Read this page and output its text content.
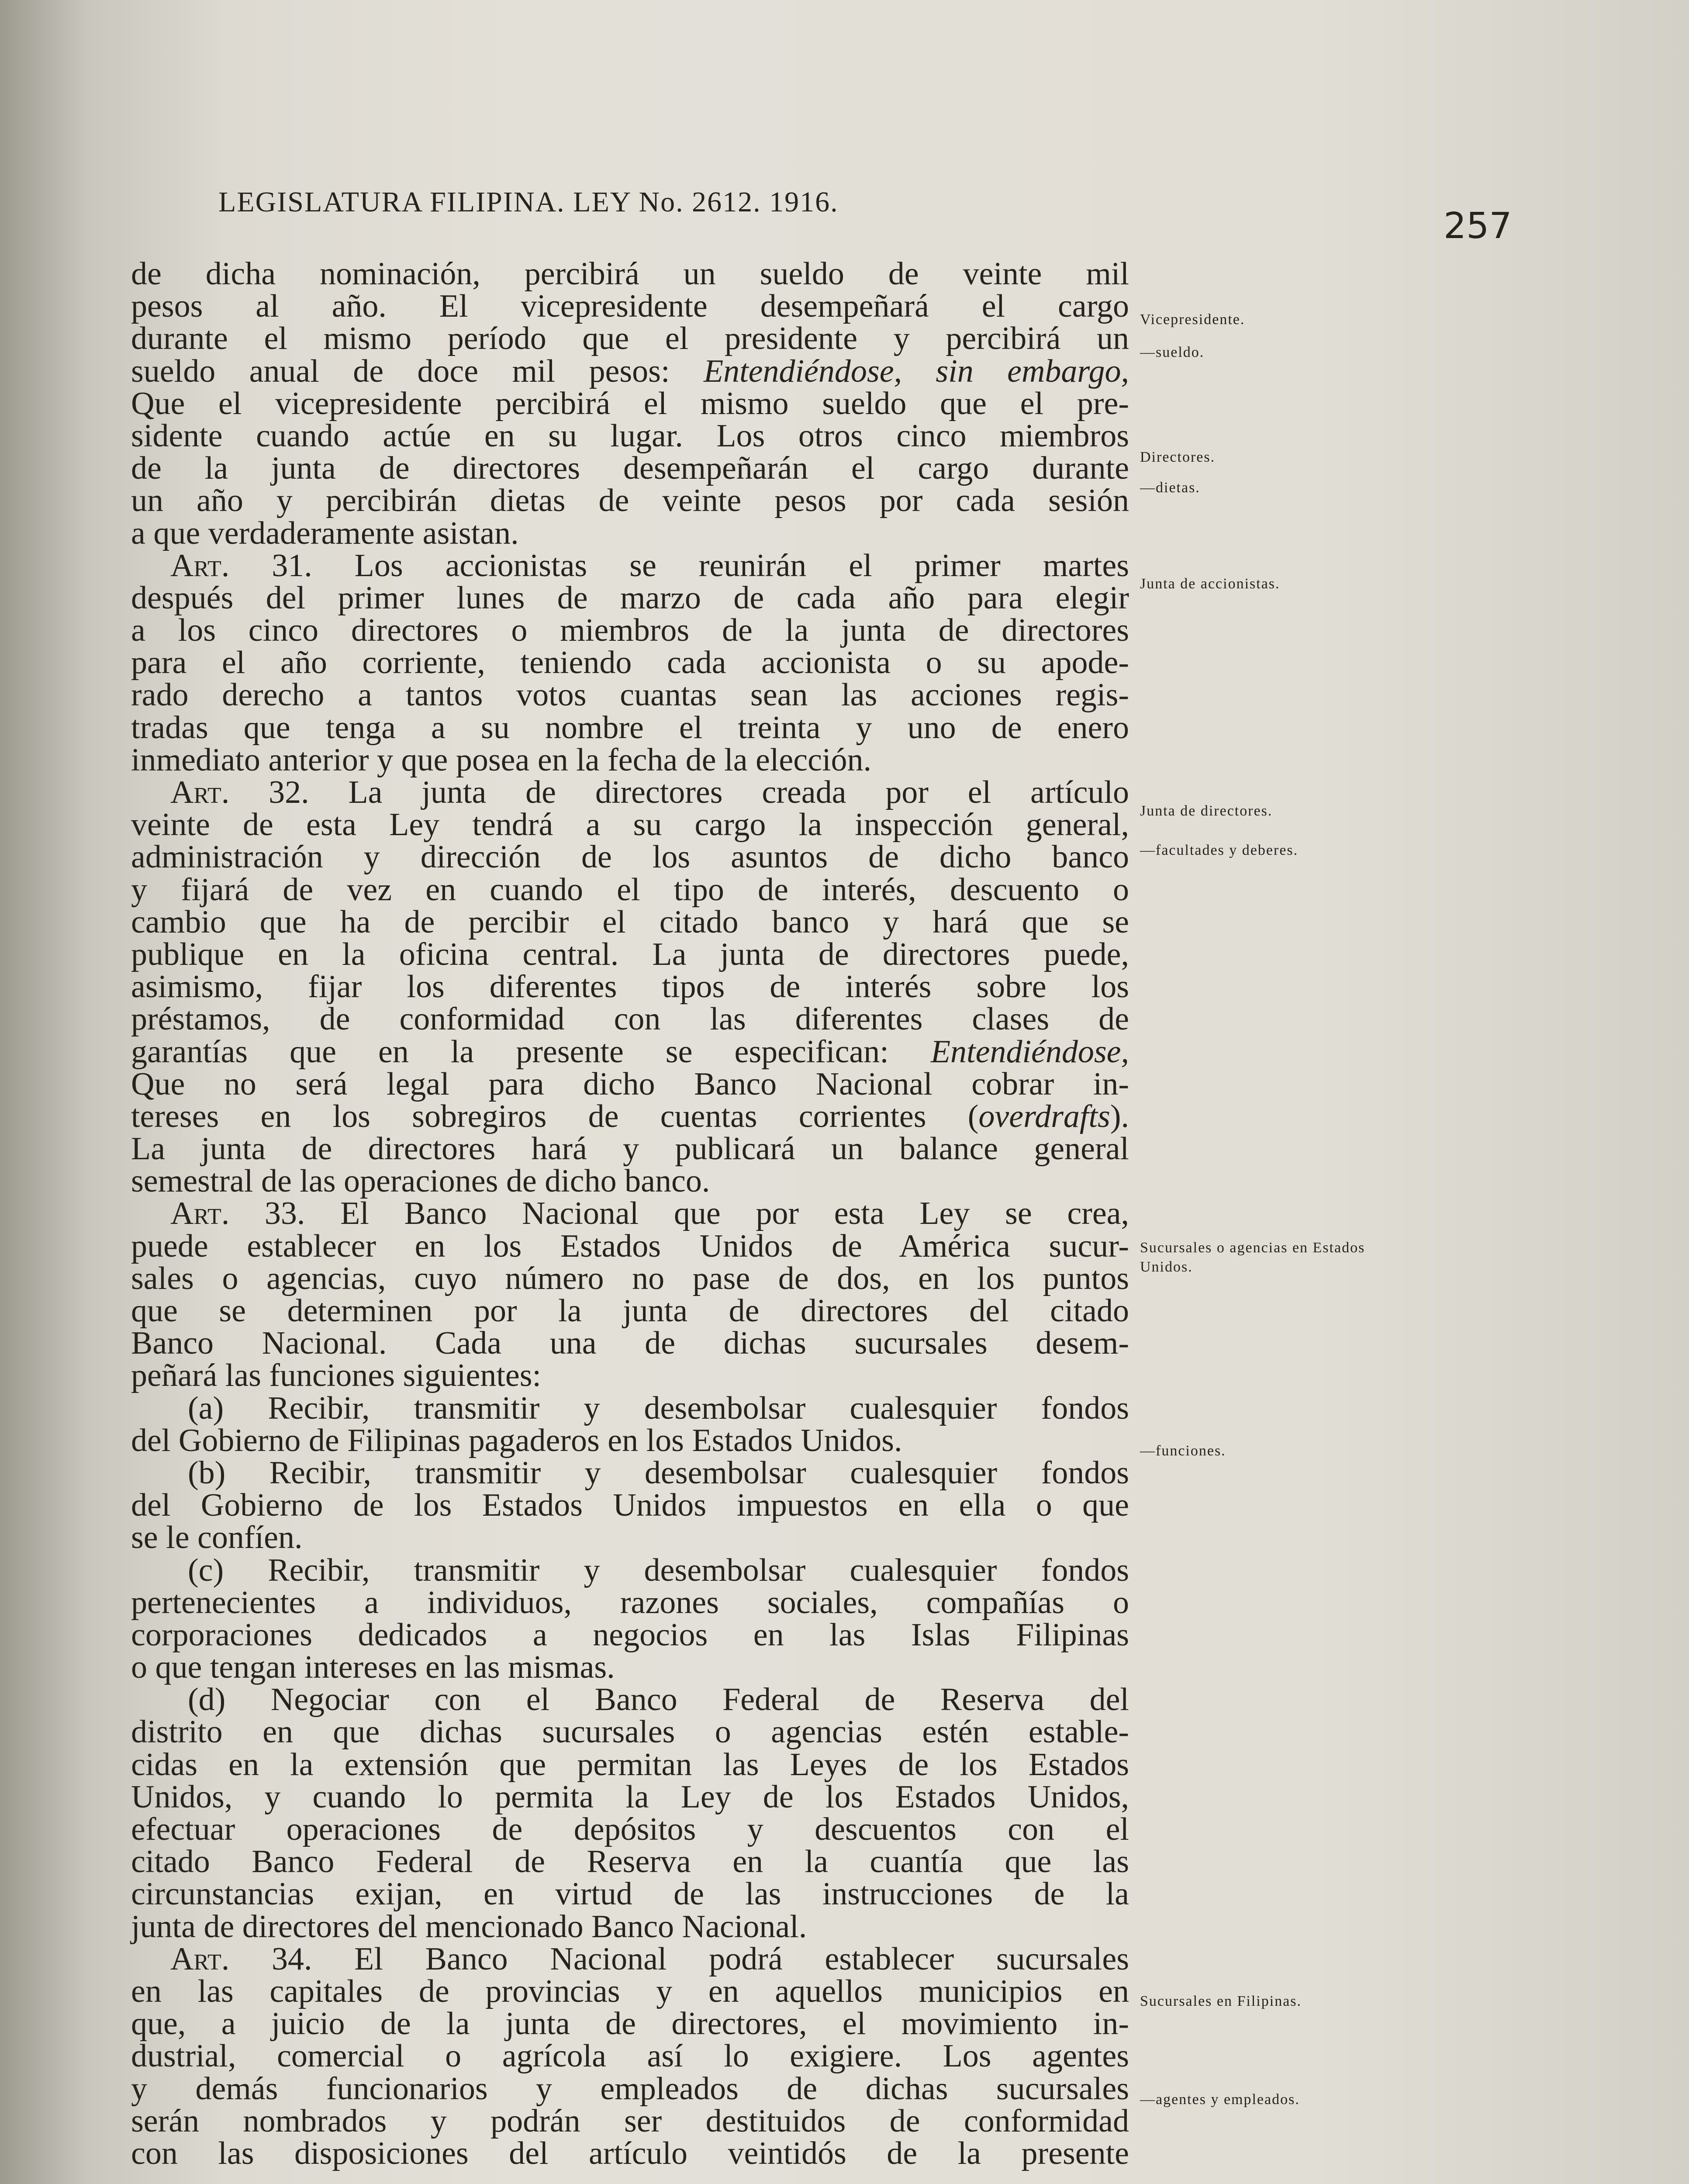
LEGISLATURA FILIPINA. LEY No. 2612. 1916.
257
de dicha nominación, percibirá un sueldo de veinte mil
pesos al año. El vicepresidente desempeñará el cargo
durante el mismo período que el presidente y percibirá un
sueldo anual de doce mil pesos: Entendiéndose, sin embargo,
Que el vicepresidente percibirá el mismo sueldo que el pre-
sidente cuando actúe en su lugar. Los otros cinco miembros
de la junta de directores desempeñarán el cargo durante
un año y percibirán dietas de veinte pesos por cada sesión
a que verdaderamente asistan.
Art. 31. Los accionistas se reunirán el primer martes
después del primer lunes de marzo de cada año para elegir
a los cinco directores o miembros de la junta de directores
para el año corriente, teniendo cada accionista o su apode-
rado derecho a tantos votos cuantas sean las acciones regis-
tradas que tenga a su nombre el treinta y uno de enero
inmediato anterior y que posea en la fecha de la elección.
Art. 32. La junta de directores creada por el artículo
veinte de esta Ley tendrá a su cargo la inspección general,
administración y dirección de los asuntos de dicho banco
y fijará de vez en cuando el tipo de interés, descuento o
cambio que ha de percibir el citado banco y hará que se
publique en la oficina central. La junta de directores puede,
asimismo, fijar los diferentes tipos de interés sobre los
préstamos, de conformidad con las diferentes clases de
garantías que en la presente se especifican: Entendiéndose,
Que no será legal para dicho Banco Nacional cobrar in-
tereses en los sobregiros de cuentas corrientes (overdrafts).
La junta de directores hará y publicará un balance general
semestral de las operaciones de dicho banco.
Art. 33. El Banco Nacional que por esta Ley se crea,
puede establecer en los Estados Unidos de América sucur-
sales o agencias, cuyo número no pase de dos, en los puntos
que se determinen por la junta de directores del citado
Banco Nacional. Cada una de dichas sucursales desem-
peñará las funciones siguientes:
(a) Recibir, transmitir y desembolsar cualesquier fondos
del Gobierno de Filipinas pagaderos en los Estados Unidos.
(b) Recibir, transmitir y desembolsar cualesquier fondos
del Gobierno de los Estados Unidos impuestos en ella o que
se le confíen.
(c) Recibir, transmitir y desembolsar cualesquier fondos
pertenecientes a individuos, razones sociales, compañías o
corporaciones dedicados a negocios en las Islas Filipinas
o que tengan intereses en las mismas.
(d) Negociar con el Banco Federal de Reserva del
distrito en que dichas sucursales o agencias estén estable-
cidas en la extensión que permitan las Leyes de los Estados
Unidos, y cuando lo permita la Ley de los Estados Unidos,
efectuar operaciones de depósitos y descuentos con el
citado Banco Federal de Reserva en la cuantía que las
circunstancias exijan, en virtud de las instrucciones de la
junta de directores del mencionado Banco Nacional.
Art. 34. El Banco Nacional podrá establecer sucursales
en las capitales de provincias y en aquellos municipios en
que, a juicio de la junta de directores, el movimiento in-
dustrial, comercial o agrícola así lo exigiere. Los agentes
y demás funcionarios y empleados de dichas sucursales
serán nombrados y podrán ser destituidos de conformidad
con las disposiciones del artículo veintidós de la presente
Vicepresidente.
—sueldo.
Directores.
—dietas.
Junta de accionistas.
Junta de directores.
—facultades y deberes.
Sucursales o agencias en Estados Unidos.
—funciones.
Sucursales en Filipinas.
—agentes y empleados.
